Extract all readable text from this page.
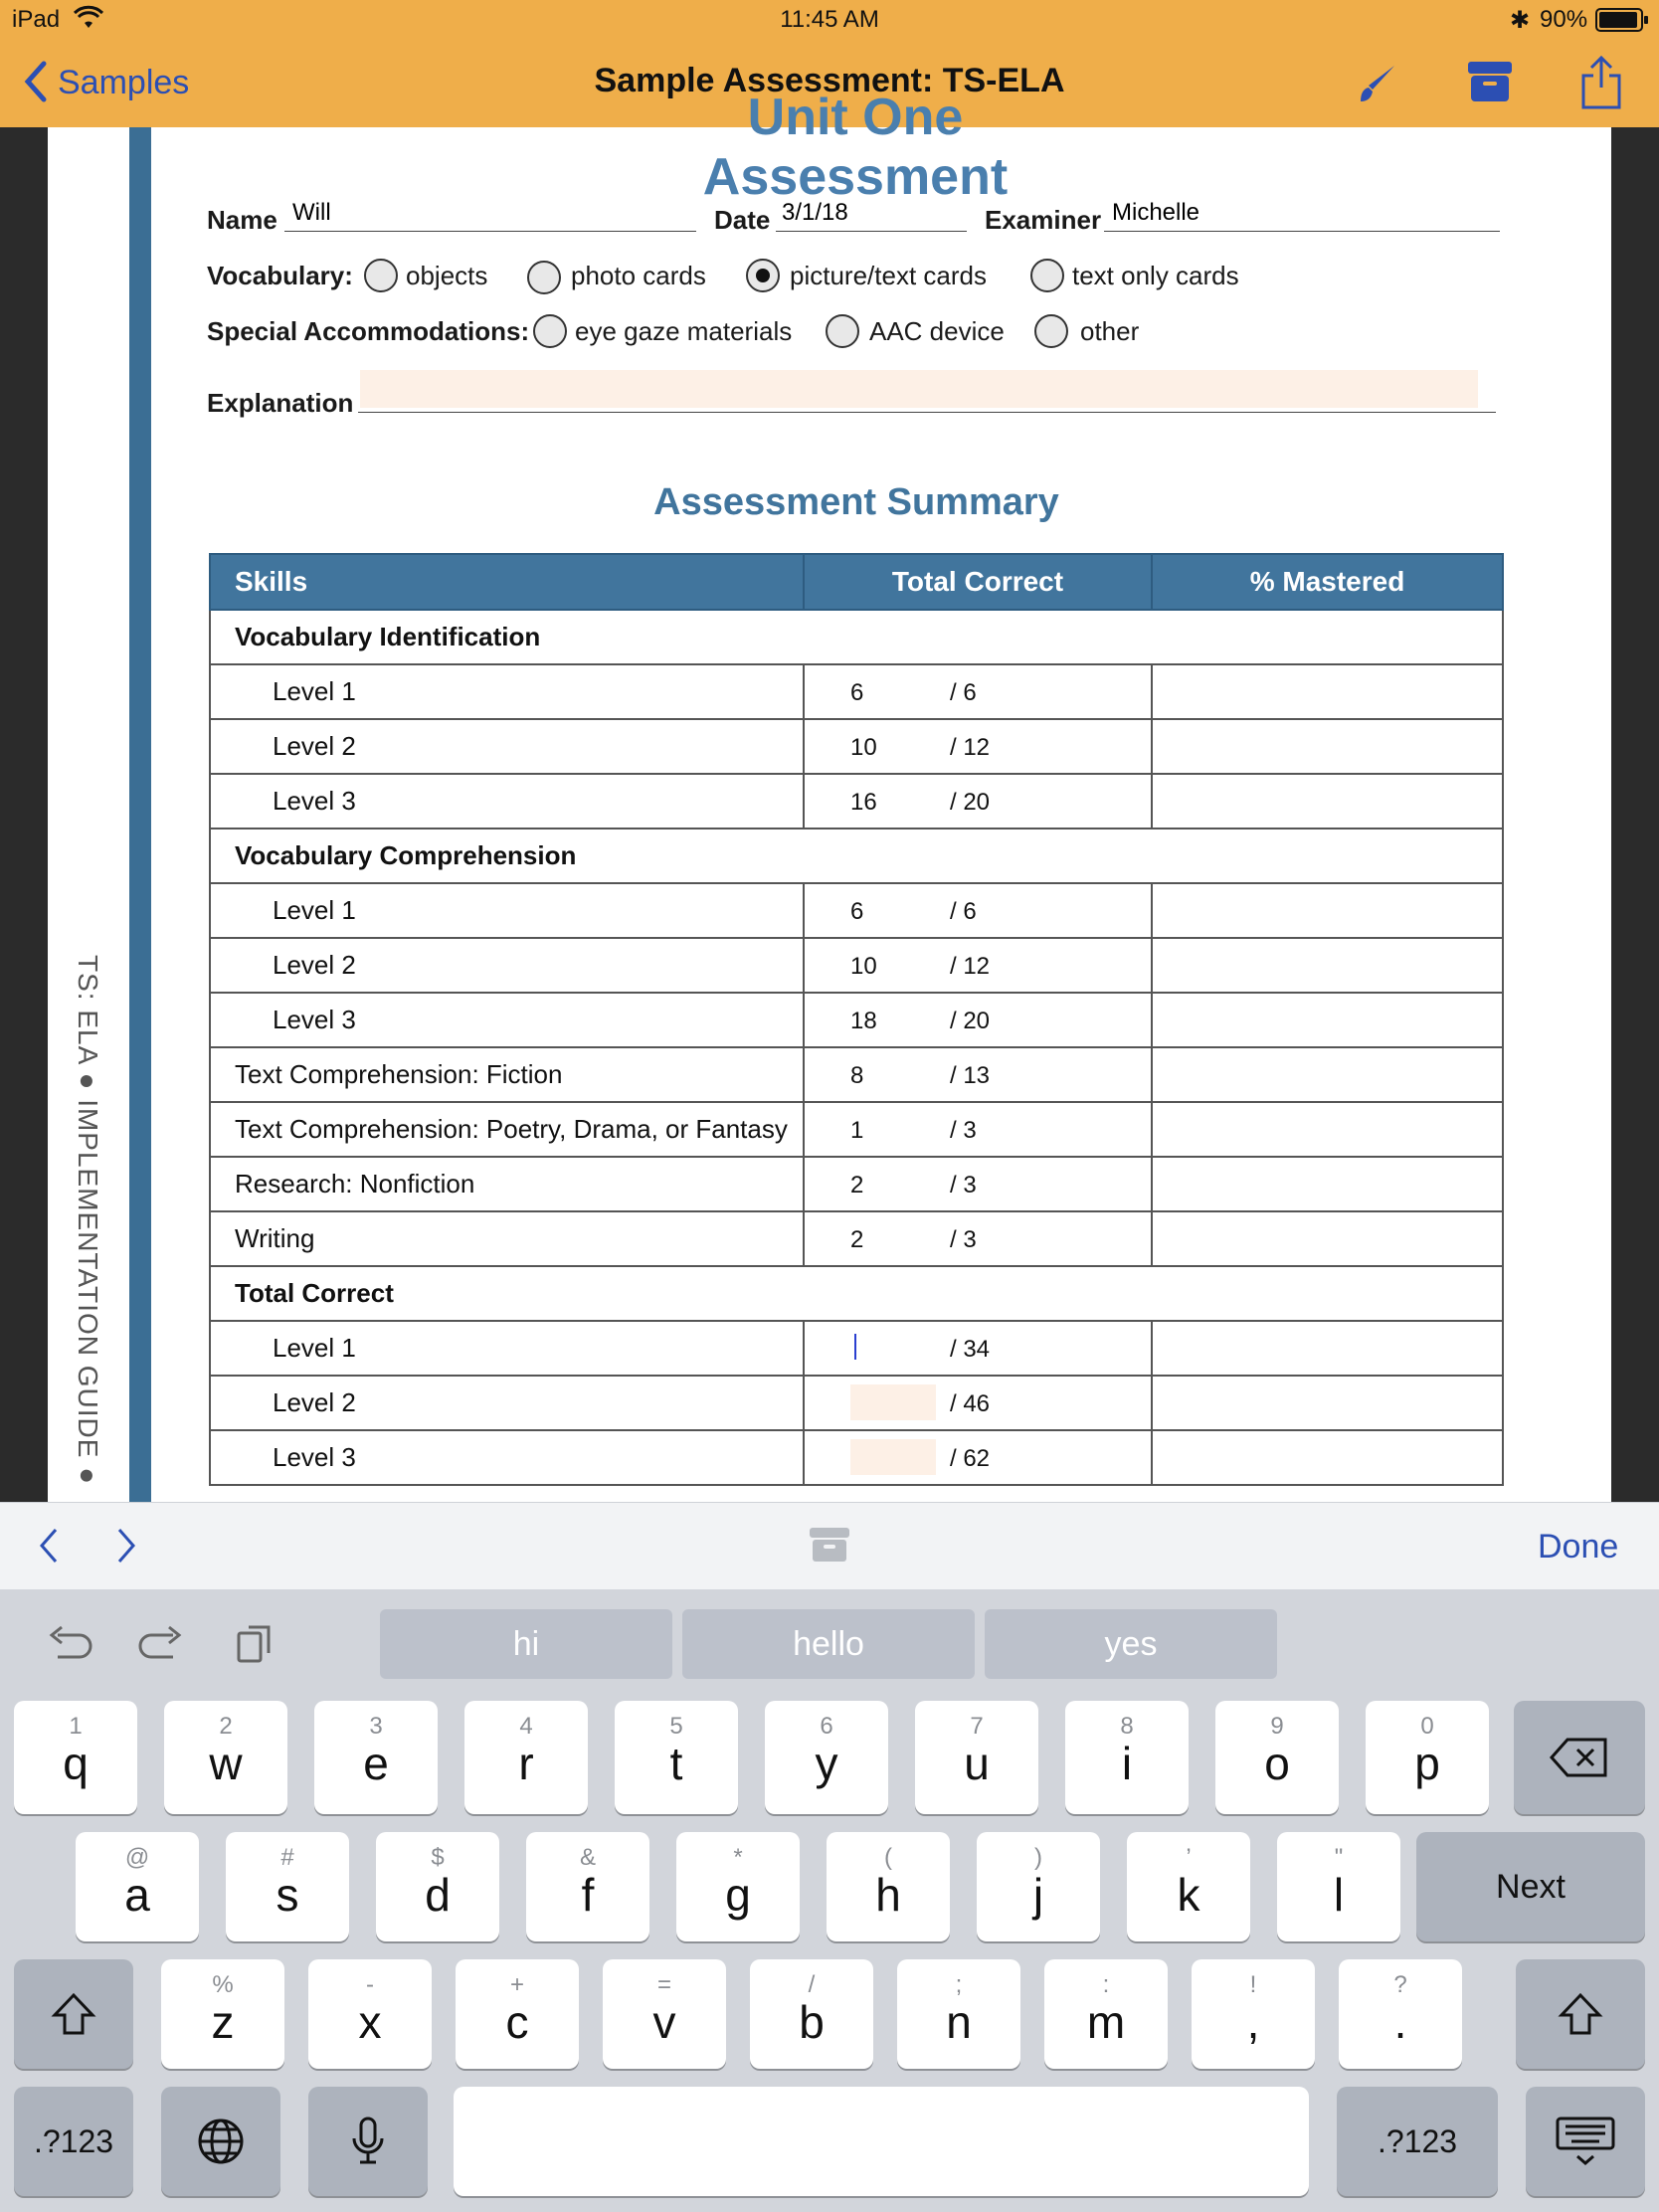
iPad	11:45 AM	✱ 90%
Samples	Sample Assessment: TS-ELA
Unit One Assessment
TS: ELA ● IMPLEMENTATION GUIDE ●
Name Will	Date 3/1/18	Examiner Michelle
Vocabulary: objects	photo cards	picture/text cards	text only cards
Special Accommodations: eye gaze materials	AAC device	other
Explanation
Assessment Summary
Skills	Total Correct	% Mastered
Vocabulary Identification		
Level 1	6 / 6	

Level 2	10 / 12	

Level 3	16 / 20	

Vocabulary Comprehension		
Level 1	6 / 6	

Level 2	10 / 12	

Level 3	18 / 20	

Text Comprehension: Fiction	8 / 13	

Text Comprehension: Poetry, Drama, or Fantasy	1 / 3	

Research: Nonfiction	2 / 3	

Writing	2 / 3	

Total Correct		
Level 1	/ 34	

Level 2	/ 46	

Level 3	/ 62	

Done
hi	hello	yes
1
q
2
w
3
e
4
r
5
t
6
y
7
u
8
i
9
o
0
p
@
a
#
s
$
d
&
f
*
g
(
h
)
j
’
k
"
l
%
z
-
x
+
c
=
v
/
b
;
n
:
m
!
,
?
.
Next
.?123	.?123
